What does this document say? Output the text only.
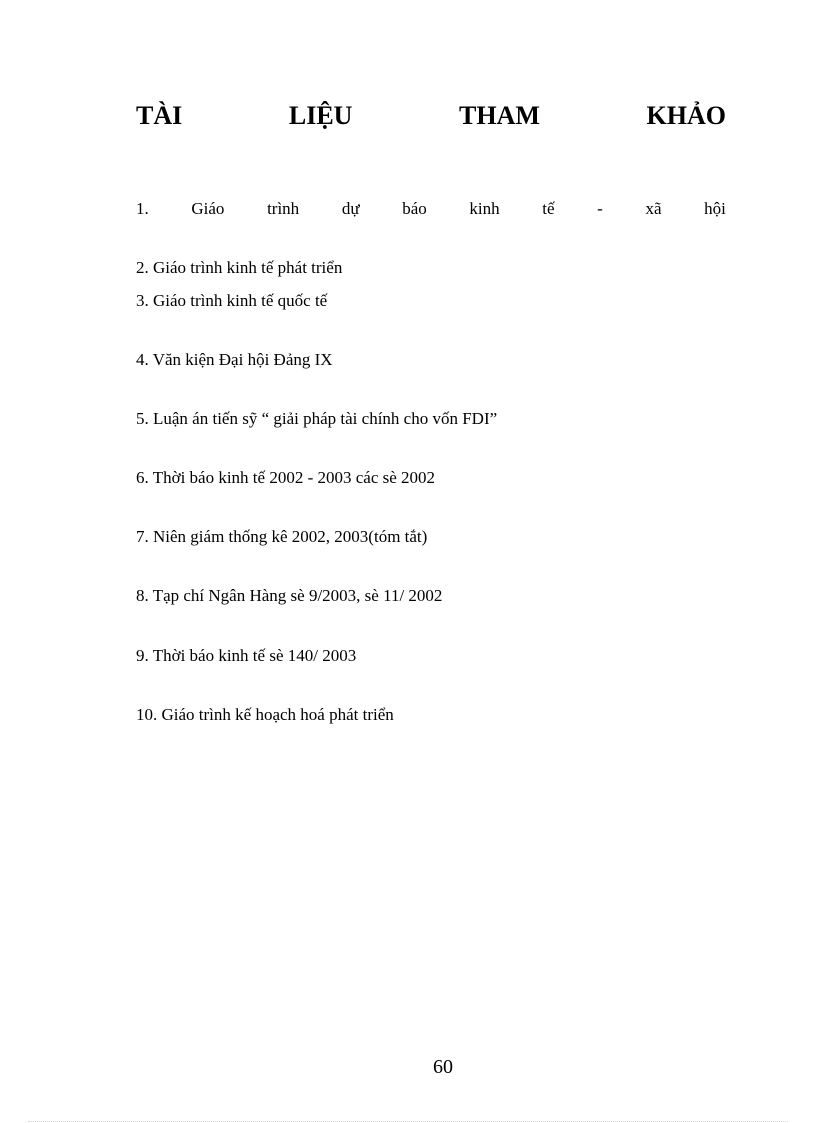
TÀI	LIỆU	THAM	KHẢO
1.	Giáo	trình	dự	báo	kinh	tế	-	xã	hội
2. Giáo trình kinh tế phát triển
3. Giáo trình kinh tế quốc tế
4. Văn kiện Đại hội Đảng IX
5. Luận án tiến sỹ “ giải pháp tài chính cho vốn FDI”
6. Thời báo kinh tế 2002 - 2003 các sè 2002
7. Niên giám thống kê 2002, 2003(tóm tắt)
8. Tạp chí Ngân Hàng sè 9/2003, sè 11/ 2002
9. Thời báo kinh tế sè 140/ 2003
10. Giáo trình kế hoạch hoá phát triển
60
